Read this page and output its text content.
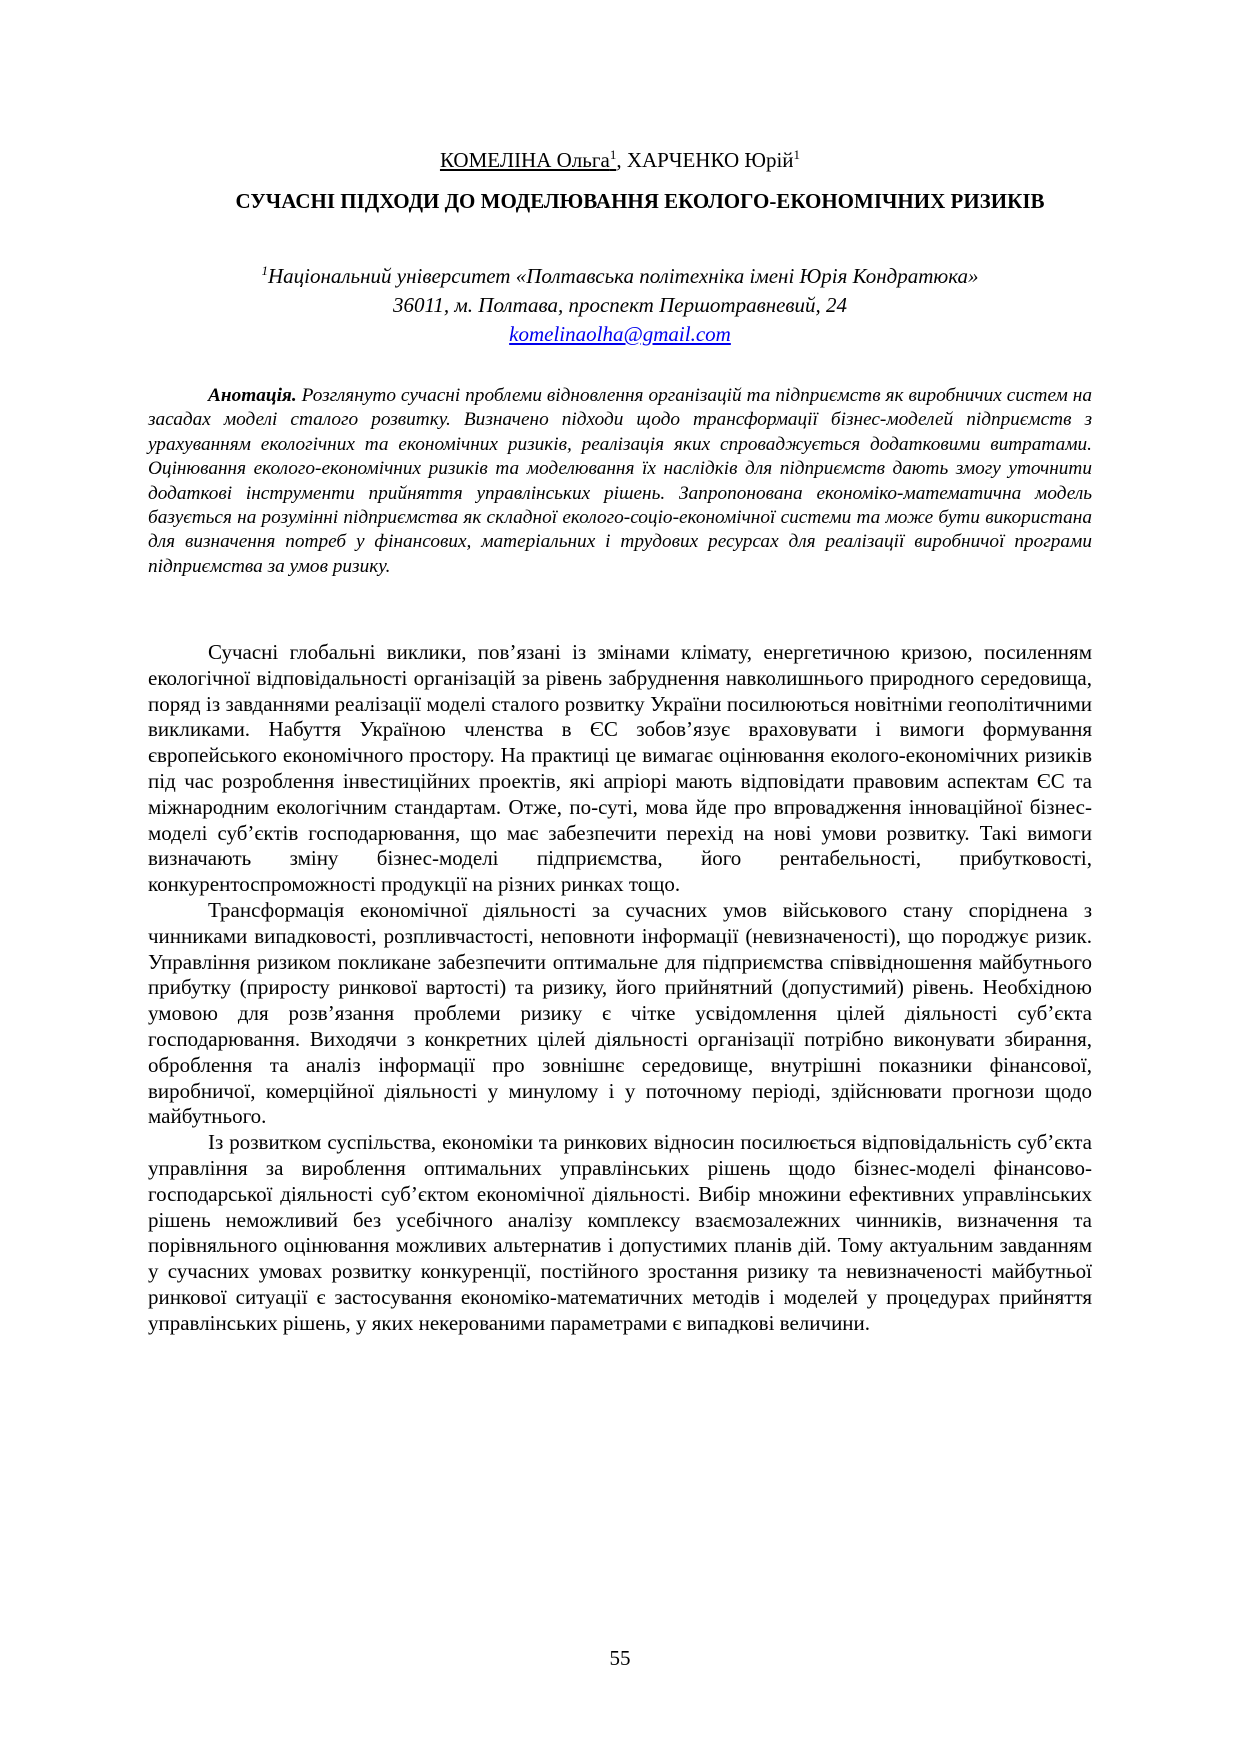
КОМЕЛІНА Ольга$^1$, ХАРЧЕНКО Юрій$^1$
СУЧАСНІ ПІДХОДИ ДО МОДЕЛЮВАННЯ ЕКОЛОГО-ЕКОНОМІЧНИХ РИЗИКІВ
$^1$Національний університет «Полтавська політехніка імені Юрія Кондратюка»
36011, м. Полтава, проспект Першотравневий, 24
komelinaolha@gmail.com
Анотація. Розглянуто сучасні проблеми відновлення організацій та підприємств як виробничих систем на засадах моделі сталого розвитку. Визначено підходи щодо трансформації бізнес-моделей підприємств з урахуванням екологічних та економічних ризиків, реалізація яких спроваджується додатковими витратами. Оцінювання еколого-економічних ризиків та моделювання їх наслідків для підприємств дають змогу уточнити додаткові інструменти прийняття управлінських рішень. Запропонована економіко-математична модель базується на розумінні підприємства як складної еколого-соціо-економічної системи та може бути використана для визначення потреб у фінансових, матеріальних і трудових ресурсах для реалізації виробничої програми підприємства за умов ризику.

Сучасні глобальні виклики, пов’язані із змінами клімату, енергетичною кризою, посиленням екологічної відповідальності організацій за рівень забруднення навколишнього природного середовища, поряд із завданнями реалізації моделі сталого розвитку України посилюються новітніми геополітичними викликами. Набуття Україною членства в ЄС зобов’язує враховувати і вимоги формування європейського економічного простору. На практиці це вимагає оцінювання еколого-економічних ризиків під час розроблення інвестиційних проектів, які апріорі мають відповідати правовим аспектам ЄС та міжнародним екологічним стандартам. Отже, по-суті, мова йде про впровадження інноваційної бізнес-моделі суб’єктів господарювання, що має забезпечити перехід на нові умови розвитку. Такі вимоги визначають зміну бізнес-моделі підприємства, його рентабельності, прибутковості, конкурентоспроможності продукції на різних ринках тощо.

Трансформація економічної діяльності за сучасних умов військового стану споріднена з чинниками випадковості, розпливчастості, неповноти інформації (невизначеності), що породжує ризик. Управління ризиком покликане забезпечити оптимальне для підприємства співвідношення майбутнього прибутку (приросту ринкової вартості) та ризику, його прийнятний (допустимий) рівень. Необхідною умовою для розв’язання проблеми ризику є чітке усвідомлення цілей діяльності суб’єкта господарювання. Виходячи з конкретних цілей діяльності організації потрібно виконувати збирання, оброблення та аналіз інформації про зовнішнє середовище, внутрішні показники фінансової, виробничої, комерційної діяльності у минулому і у поточному періоді, здійснювати прогнози щодо майбутнього.

Із розвитком суспільства, економіки та ринкових відносин посилюється відповідальність суб’єкта управління за вироблення оптимальних управлінських рішень щодо бізнес-моделі фінансово-господарської діяльності суб’єктом економічної діяльності. Вибір множини ефективних управлінських рішень неможливий без усебічного аналізу комплексу взаємозалежних чинників, визначення та порівняльного оцінювання можливих альтернатив і допустимих планів дій. Тому актуальним завданням у сучасних умовах розвитку конкуренції, постійного зростання ризику та невизначеності майбутньої ринкової ситуації є застосування економіко-математичних методів і моделей у процедурах прийняття управлінських рішень, у яких некерованими параметрами є випадкові величини.

55
